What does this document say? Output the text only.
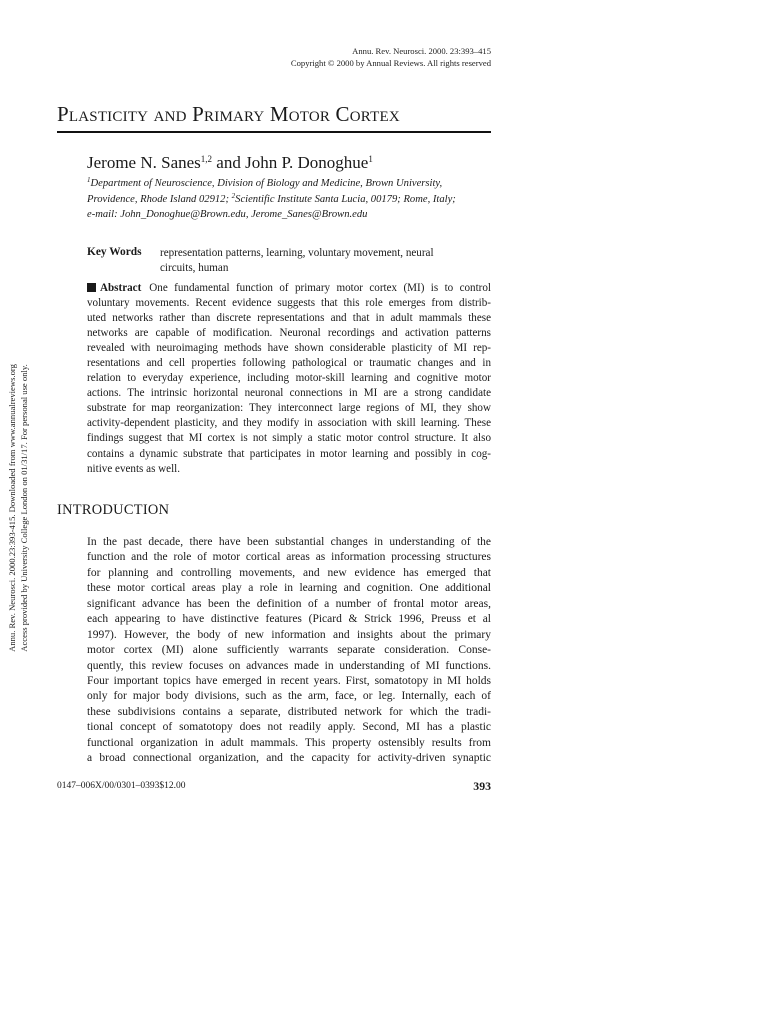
Annu. Rev. Neurosci. 2000. 23:393–415
Copyright © 2000 by Annual Reviews. All rights reserved
Plasticity and Primary Motor Cortex
Jerome N. Sanes$^{1,2}$ and John P. Donoghue$^1$
$^1$Department of Neuroscience, Division of Biology and Medicine, Brown University,
Providence, Rhode Island 02912; $^2$Scientific Institute Santa Lucia, 00179; Rome, Italy;
e-mail: John_Donoghue@Brown.edu, Jerome_Sanes@Brown.edu
Key Words representation patterns, learning, voluntary movement, neural
circuits, human
Abstract One fundamental function of primary motor cortex (MI) is to control
voluntary movements. Recent evidence suggests that this role emerges from distrib-
uted networks rather than discrete representations and that in adult mammals these
networks are capable of modification. Neuronal recordings and activation patterns
revealed with neuroimaging methods have shown considerable plasticity of MI rep-
resentations and cell properties following pathological or traumatic changes and in
relation to everyday experience, including motor-skill learning and cognitive motor
actions. The intrinsic horizontal neuronal connections in MI are a strong candidate
substrate for map reorganization: They interconnect large regions of MI, they show
activity-dependent plasticity, and they modify in association with skill learning. These
findings suggest that MI cortex is not simply a static motor control structure. It also
contains a dynamic substrate that participates in motor learning and possibly in cog-
nitive events as well.
INTRODUCTION
In the past decade, there have been substantial changes in understanding of the
function and the role of motor cortical areas as information processing structures
for planning and controlling movements, and new evidence has emerged that
these motor cortical areas play a role in learning and cognition. One additional
significant advance has been the definition of a number of frontal motor areas,
each appearing to have distinctive features (Picard & Strick 1996, Preuss et al
1997). However, the body of new information and insights about the primary
motor cortex (MI) alone sufficiently warrants separate consideration. Conse-
quently, this review focuses on advances made in understanding of MI functions.
Four important topics have emerged in recent years. First, somatotopy in MI holds
only for major body divisions, such as the arm, face, or leg. Internally, each of
these subdivisions contains a separate, distributed network for which the tradi-
tional concept of somatotopy does not readily apply. Second, MI has a plastic
functional organization in adult mammals. This property ostensibly results from
a broad connectional organization, and the capacity for activity-driven synaptic
0147–006X/00/0301–0393$12.00	393
Annu. Rev. Neurosci. 2000.23:393-415. Downloaded from www.annualreviews.org Access provided by University College London on 01/31/17. For personal use only.
